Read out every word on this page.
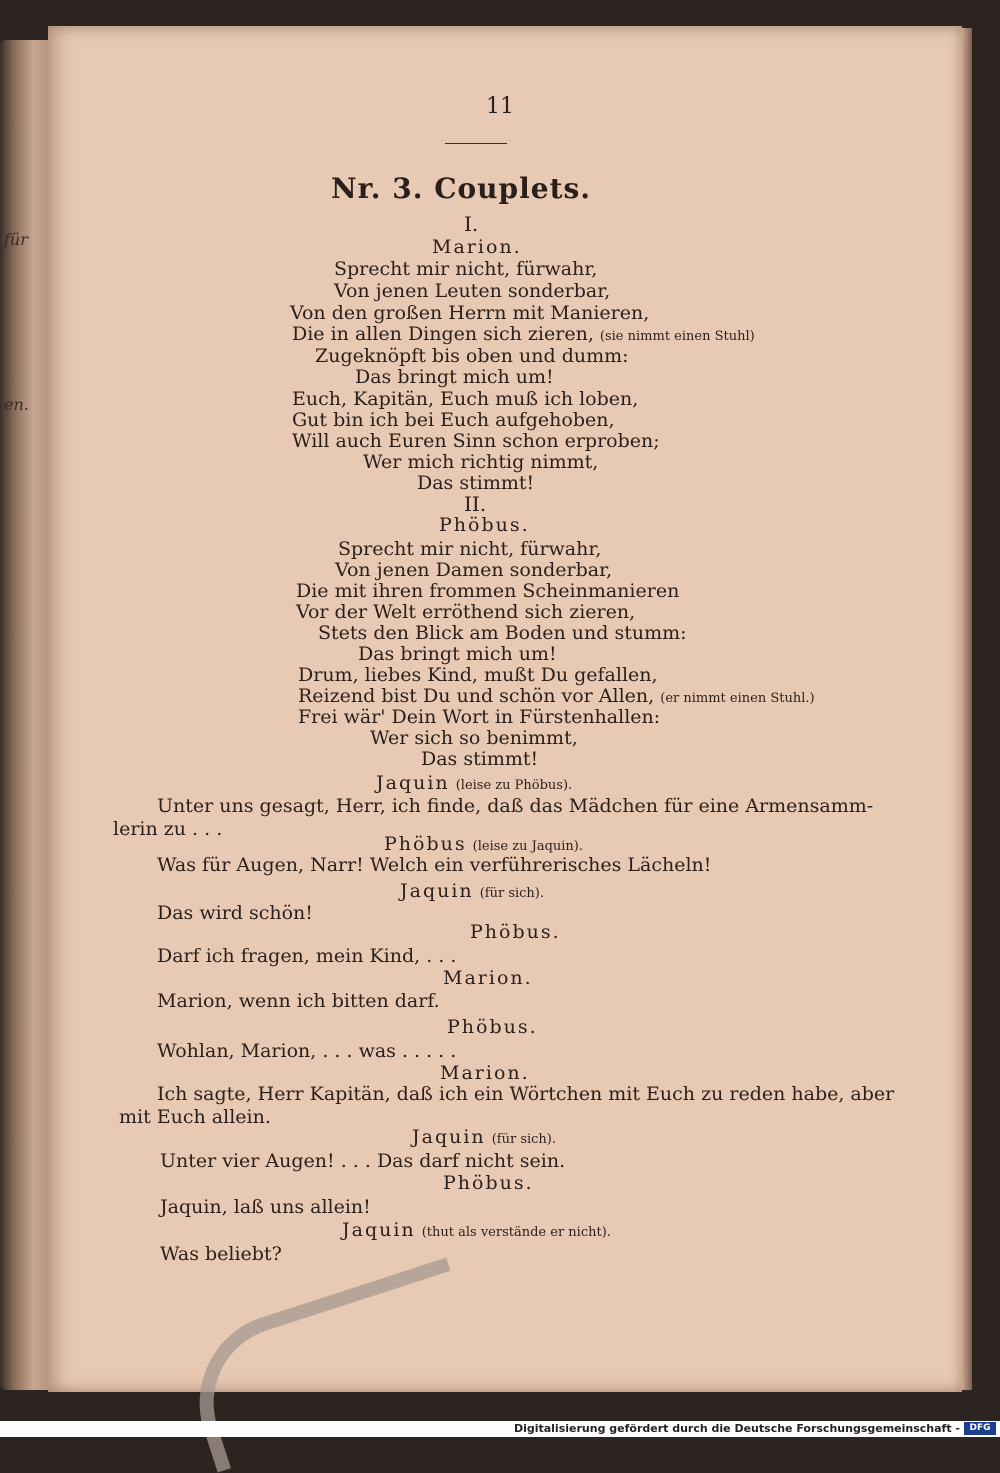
für
en.
11
Nr. 3. Couplets.
I.
Marion.
Sprecht mir nicht, fürwahr,
Von jenen Leuten sonderbar,
Von den großen Herrn mit Manieren,
Die in allen Dingen sich zieren, (sie nimmt einen Stuhl)
Zugeknöpft bis oben und dumm:
Das bringt mich um!
Euch, Kapitän, Euch muß ich loben,
Gut bin ich bei Euch aufgehoben,
Will auch Euren Sinn schon erproben;
Wer mich richtig nimmt,
Das stimmt!
II.
Phöbus.
Sprecht mir nicht, fürwahr,
Von jenen Damen sonderbar,
Die mit ihren frommen Scheinmanieren
Vor der Welt erröthend sich zieren,
Stets den Blick am Boden und stumm:
Das bringt mich um!
Drum, liebes Kind, mußt Du gefallen,
Reizend bist Du und schön vor Allen, (er nimmt einen Stuhl.)
Frei wär' Dein Wort in Fürstenhallen:
Wer sich so benimmt,
Das stimmt!
Jaquin (leise zu Phöbus).
Unter uns gesagt, Herr, ich finde, daß das Mädchen für eine Armensamm-
lerin zu . . .
Phöbus (leise zu Jaquin).
Was für Augen, Narr! Welch ein verführerisches Lächeln!
Jaquin (für sich).
Das wird schön!
Phöbus.
Darf ich fragen, mein Kind, . . .
Marion.
Marion, wenn ich bitten darf.
Phöbus.
Wohlan, Marion, . . . was . . . . .
Marion.
Ich sagte, Herr Kapitän, daß ich ein Wörtchen mit Euch zu reden habe, aber
mit Euch allein.
Jaquin (für sich).
Unter vier Augen! . . . Das darf nicht sein.
Phöbus.
Jaquin, laß uns allein!
Jaquin (thut als verstände er nicht).
Was beliebt?
Digitalisierung gefördert durch die Deutsche Forschungsgemeinschaft -	DFG
